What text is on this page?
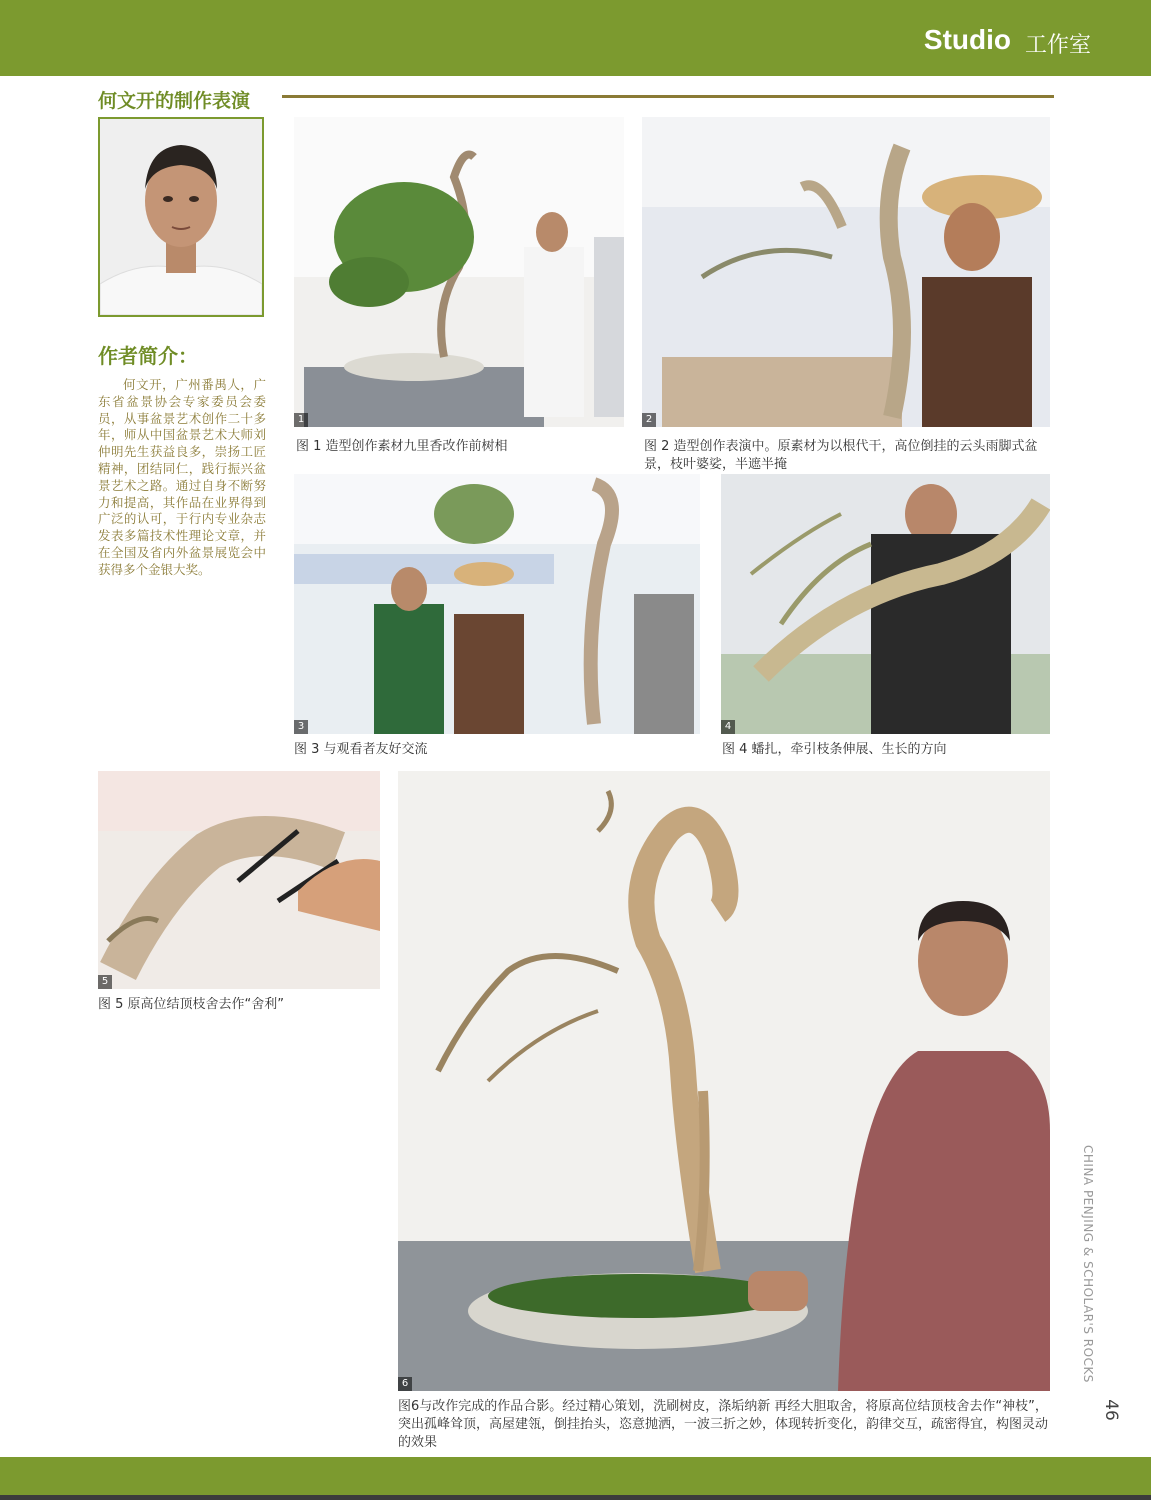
Studio 工作室
何文开的制作表演
作者简介：
何文开，广州番禺人，广东省盆景协会专家委员会委员，从事盆景艺术创作二十多年，师从中国盆景艺术大师刘仲明先生获益良多，崇扬工匠精神，团结同仁，践行振兴盆景艺术之路。通过自身不断努力和提高，其作品在业界得到广泛的认可，于行内专业杂志发表多篇技术性理论文章，并在全国及省内外盆景展览会中获得多个金银大奖。
1
图 1 造型创作素材九里香改作前树相
2
图 2 造型创作表演中。原素材为以根代干，高位倒挂的云头雨脚式盆景，枝叶婆娑，半遮半掩
3
图 3 与观看者友好交流
4
图 4 蟠扎，牵引枝条伸展、生长的方向
5
图 5 原高位结顶枝舍去作“舍利”
6
图6与改作完成的作品合影。经过精心策划，洗刷树皮，涤垢纳新 再经大胆取舍，将原高位结顶枝舍去作“神枝”，突出孤峰耸顶，高屋建瓴，倒挂抬头，恣意抛洒，一波三折之妙，体现转折变化，韵律交互，疏密得宜，构图灵动的效果
CHINA PENJING & SCHOLAR'S ROCKS
46
